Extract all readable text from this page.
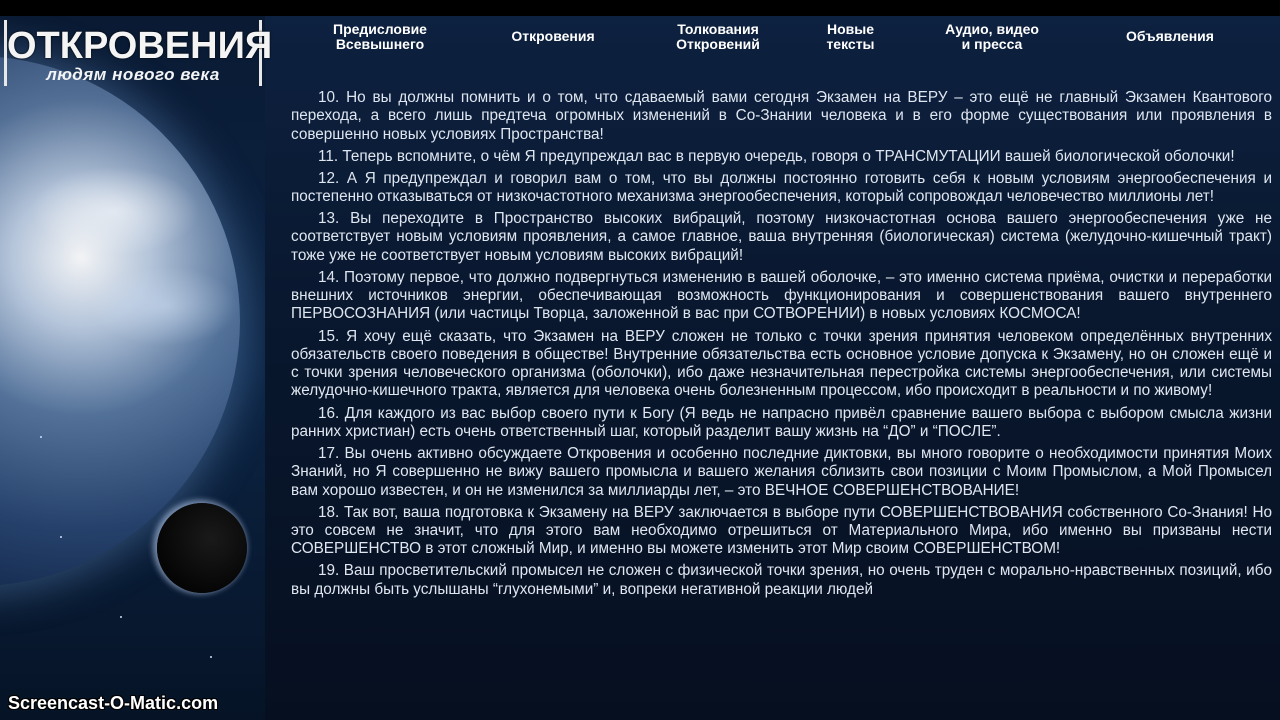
ОТКРОВЕНИЯ
людям нового века
Предисловие
Всевышнего	Откровения	Толкования
Откровений
Новые
тексты
Аудио, видео
и пресса	Объявления

10. Но вы должны помнить и о том, что сдаваемый вами сегодня Экзамен на ВЕРУ – это ещё не главный Экзамен Квантового перехода, а всего лишь предтеча огромных изменений в Со-Знании человека и в его форме существования или проявления в совершенно новых условиях Пространства!

11. Теперь вспомните, о чём Я предупреждал вас в первую очередь, говоря о ТРАНСМУТАЦИИ вашей биологической оболочки!

12. А Я предупреждал и говорил вам о том, что вы должны постоянно готовить себя к новым условиям энергообеспечения и постепенно отказываться от низкочастотного механизма энергообеспечения, который сопровождал человечество миллионы лет!

13. Вы переходите в Пространство высоких вибраций, поэтому низкочастотная основа вашего энергообеспечения уже не соответствует новым условиям проявления, а самое главное, ваша внутренняя (биологическая) система (желудочно-кишечный тракт) тоже уже не соответствует новым условиям высоких вибраций!

14. Поэтому первое, что должно подвергнуться изменению в вашей оболочке, – это именно система приёма, очистки и переработки внешних источников энергии, обеспечивающая возможность функционирования и совершенствования вашего внутреннего ПЕРВОСОЗНАНИЯ (или частицы Творца, заложенной в вас при СОТВОРЕНИИ) в новых условиях КОСМОСА!

15. Я хочу ещё сказать, что Экзамен на ВЕРУ сложен не только с точки зрения принятия человеком определённых внутренних обязательств своего поведения в обществе! Внутренние обязательства есть основное условие допуска к Экзамену, но он сложен ещё и с точки зрения человеческого организма (оболочки), ибо даже незначительная перестройка системы энергообеспечения, или системы желудочно-кишечного тракта, является для человека очень болезненным процессом, ибо происходит в реальности и по живому!

16. Для каждого из вас выбор своего пути к Богу (Я ведь не напрасно привёл сравнение вашего выбора с выбором смысла жизни ранних христиан) есть очень ответственный шаг, который разделит вашу жизнь на “ДО” и “ПОСЛЕ”.

17. Вы очень активно обсуждаете Откровения и особенно последние диктовки, вы много говорите о необходимости принятия Моих Знаний, но Я совершенно не вижу вашего промысла и вашего желания сблизить свои позиции с Моим Промыслом, а Мой Промысел вам хорошо известен, и он не изменился за миллиарды лет, – это ВЕЧНОЕ СОВЕРШЕНСТВОВАНИЕ!

18. Так вот, ваша подготовка к Экзамену на ВЕРУ заключается в выборе пути СОВЕРШЕНСТВОВАНИЯ собственного Со-Знания! Но это совсем не значит, что для этого вам необходимо отрешиться от Материального Мира, ибо именно вы призваны нести СОВЕРШЕНСТВО в этот сложный Мир, и именно вы можете изменить этот Мир своим СОВЕРШЕНСТВОМ!

19. Ваш просветительский промысел не сложен с физической точки зрения, но очень труден с морально-нравственных позиций, ибо вы должны быть услышаны “глухонемыми” и, вопреки негативной реакции людей

Screencast-O-Matic.com
